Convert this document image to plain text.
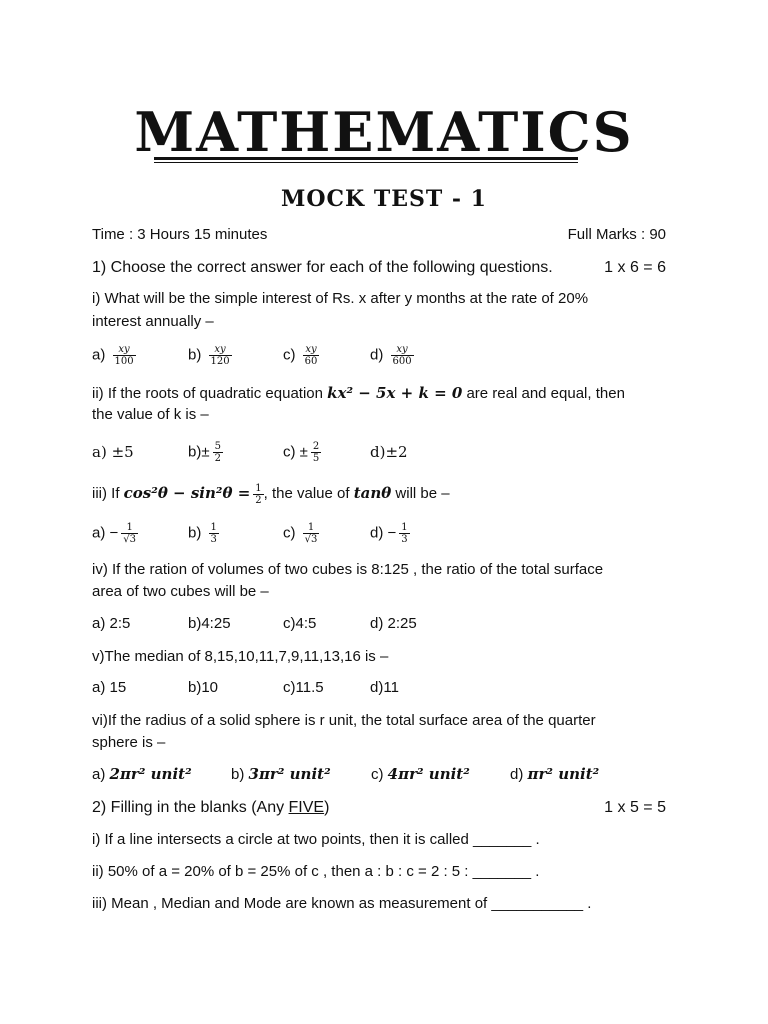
MATHEMATICS
MOCK TEST - 1
Time : 3 Hours 15 minutes	Full Marks : 90
1) Choose the correct answer for each of the following questions.	1 x 6 = 6
i) What will be the simple interest of Rs. x after y months at the rate of 20%
interest annually –
$a) \frac{xy}{100}$	$b) \frac{xy}{120}$	$c) \frac{xy}{60}$	$d) \frac{xy}{600}$
ii) If the roots of quadratic equation kx² − 5x + k = 0 are real and equal, then
the value of k is –
a) ±5	$b)\pm \frac{5}{2}$	$c) \pm \frac{2}{5}$	d)±2
iii) If $\cos^2\theta - \sin^2\theta = \frac{1}{2}$ , the value of tanθ will be –
$a) - \frac{1}{√3}$	$b) \frac{1}{3}$	$c) \frac{1}{√3}$	$d) - \frac{1}{3}$
iv) If the ration of volumes of two cubes is 8:125 , the ratio of the total surface
area of two cubes will be –
a) 2:5	b)4:25	c)4:5	d) 2:25
v)The median of 8,15,10,11,7,9,11,13,16 is –
a) 15	b)10	c)11.5	d)11
vi)If the radius of a solid sphere is r unit, the total surface area of the quarter
sphere is –
a) 2πr² unit²	b) 3πr² unit²	c) 4πr² unit²	d) πr² unit²
2) Filling in the blanks (Any FIVE)	1 x 5 = 5
i) If a line intersects a circle at two points, then it is called _______ .
ii) 50% of a = 20% of b = 25% of c , then a : b : c = 2 : 5 : _______ .
iii) Mean , Median and Mode are known as measurement of ___________ .
